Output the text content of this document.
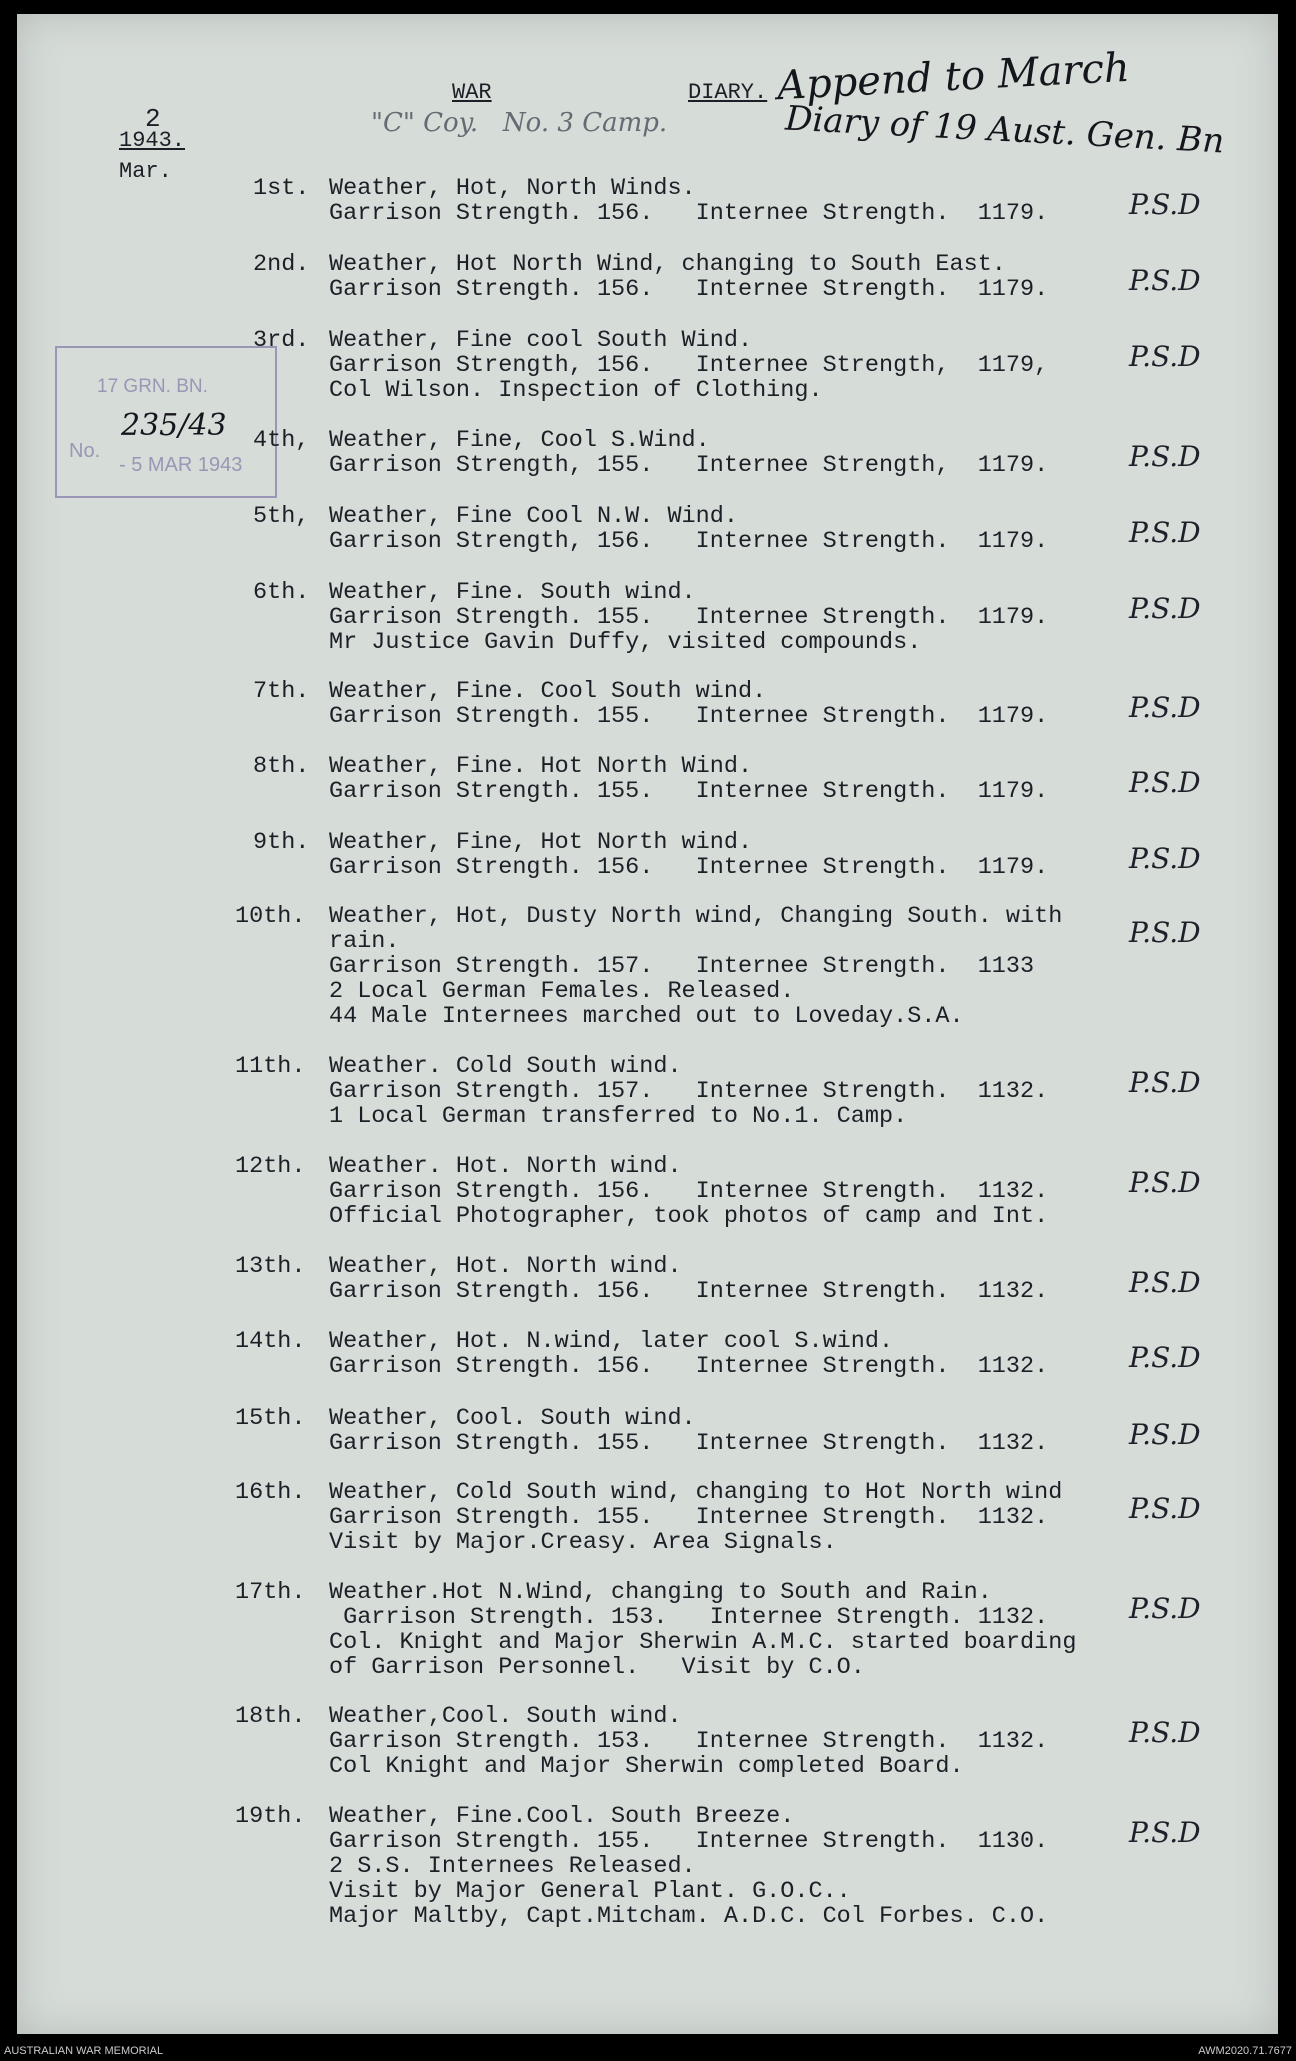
2
WAR	DIARY. Append to March
Diary of 19 Aust. Gen. Bn
"C" Coy.   No. 3 Camp.
1943.
Mar.
17 GRN. BN.
No.
- 5 MAR 1943
235/43
1st. Weather, Hot, North Winds.
Garrison Strength. 156.   Internee Strength.  1179.	P.S.D
2nd. Weather, Hot North Wind, changing to South East.
Garrison Strength. 156.   Internee Strength.  1179.	P.S.D
3rd. Weather, Fine cool South Wind.
Garrison Strength, 156.   Internee Strength,  1179,
Col Wilson. Inspection of Clothing.
P.S.D
4th, Weather, Fine, Cool S.Wind.
Garrison Strength, 155.   Internee Strength,  1179.	P.S.D
5th, Weather, Fine Cool N.W. Wind.
Garrison Strength, 156.   Internee Strength.  1179.	P.S.D
6th. Weather, Fine. South wind.
Garrison Strength. 155.   Internee Strength.  1179.
Mr Justice Gavin Duffy, visited compounds.
P.S.D
7th. Weather, Fine. Cool South wind.
Garrison Strength. 155.   Internee Strength.  1179.	P.S.D
8th. Weather, Fine. Hot North Wind.
Garrison Strength. 155.   Internee Strength.  1179.	P.S.D
9th. Weather, Fine, Hot North wind.
Garrison Strength. 156.   Internee Strength.  1179.	P.S.D
10th. Weather, Hot, Dusty North wind, Changing South. with
rain.
Garrison Strength. 157.   Internee Strength.  1133
2 Local German Females. Released.
44 Male Internees marched out to Loveday.S.A.
P.S.D
11th. Weather. Cold South wind.
Garrison Strength. 157.   Internee Strength.  1132.
1 Local German transferred to No.1. Camp.
P.S.D
12th. Weather. Hot. North wind.
Garrison Strength. 156.   Internee Strength.  1132.
Official Photographer, took photos of camp and Int.
P.S.D
13th. Weather, Hot. North wind.
Garrison Strength. 156.   Internee Strength.  1132.	P.S.D
14th. Weather, Hot. N.wind, later cool S.wind.
Garrison Strength. 156.   Internee Strength.  1132.	P.S.D
15th. Weather, Cool. South wind.
Garrison Strength. 155.   Internee Strength.  1132.	P.S.D
16th. Weather, Cold South wind, changing to Hot North wind
Garrison Strength. 155.   Internee Strength.  1132.
Visit by Major.Creasy. Area Signals.
P.S.D
17th. Weather.Hot N.Wind, changing to South and Rain.
Garrison Strength. 153.   Internee Strength. 1132.
Col. Knight and Major Sherwin A.M.C. started boarding
of Garrison Personnel.   Visit by C.O.
P.S.D
18th. Weather,Cool. South wind.
Garrison Strength. 153.   Internee Strength.  1132.
Col Knight and Major Sherwin completed Board.
P.S.D
19th. Weather, Fine.Cool. South Breeze.
Garrison Strength. 155.   Internee Strength.  1130.
2 S.S. Internees Released.
Visit by Major General Plant. G.O.C..
Major Maltby, Capt.Mitcham. A.D.C. Col Forbes. C.O.
P.S.D
AUSTRALIAN WAR MEMORIAL	AWM2020.71.7677
